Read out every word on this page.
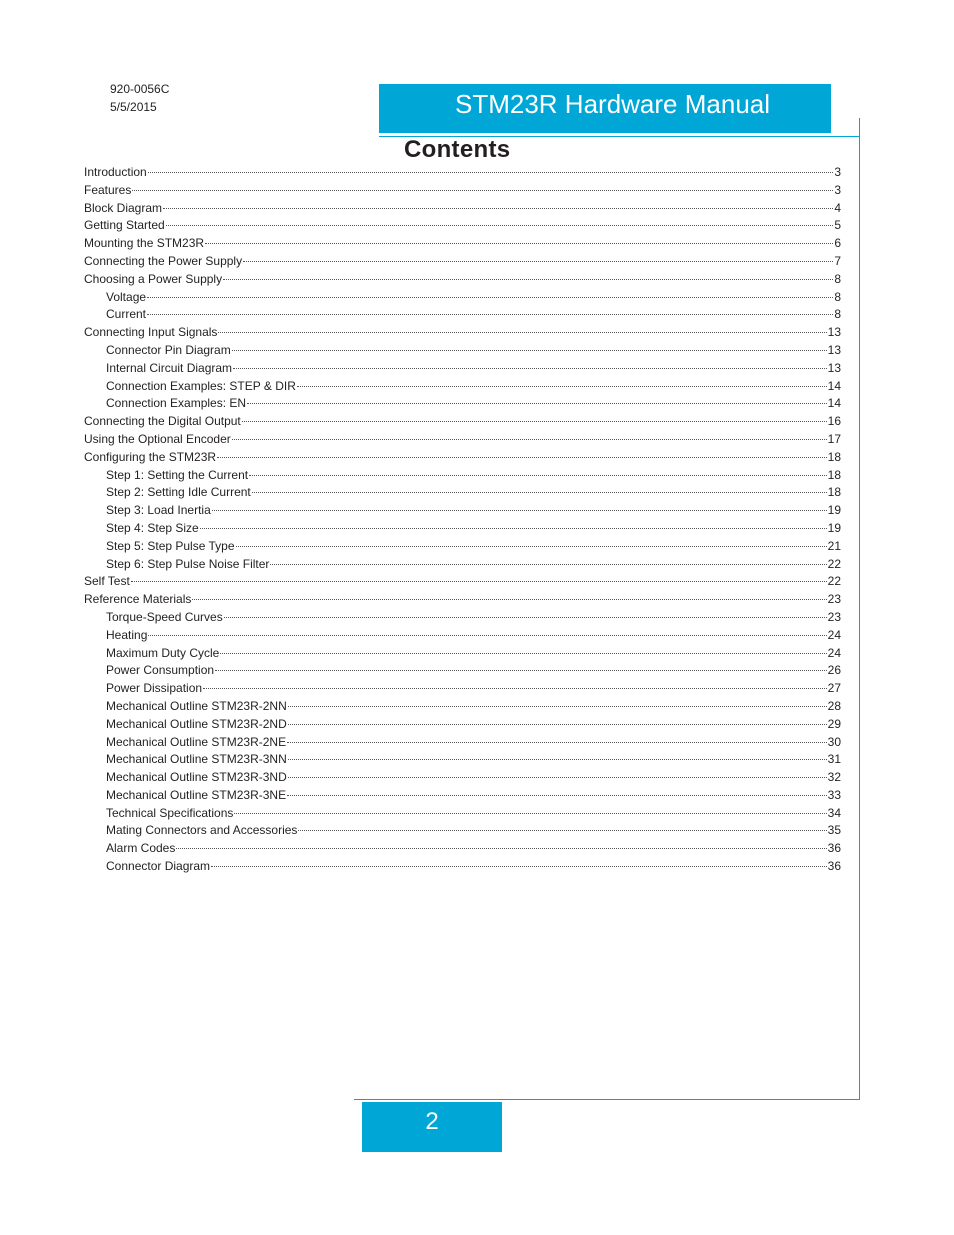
920-0056C
5/5/2015	STM23R Hardware Manual
Contents
Introduction	3
Features	3
Block Diagram	4
Getting Started	5
Mounting the STM23R	6
Connecting the Power Supply	7
Choosing a Power Supply	8
Voltage	8
Current	8
Connecting Input Signals	13
Connector Pin Diagram	13
Internal Circuit Diagram	13
Connection Examples: STEP & DIR	14
Connection Examples: EN	14
Connecting the Digital Output	16
Using the Optional Encoder	17
Configuring the STM23R	18
Step 1: Setting the Current	18
Step 2: Setting Idle Current	18
Step 3: Load Inertia	19
Step 4: Step Size	19
Step 5: Step Pulse Type	21
Step 6: Step Pulse Noise Filter	22
Self Test	22
Reference Materials	23
Torque-Speed Curves	23
Heating	24
Maximum Duty Cycle	24
Power Consumption	26
Power Dissipation	27
Mechanical Outline STM23R-2NN	28
Mechanical Outline STM23R-2ND	29
Mechanical Outline STM23R-2NE	30
Mechanical Outline STM23R-3NN	31
Mechanical Outline STM23R-3ND	32
Mechanical Outline STM23R-3NE	33
Technical Specifications	34
Mating Connectors and Accessories	35
Alarm Codes	36
Connector Diagram	36
2
